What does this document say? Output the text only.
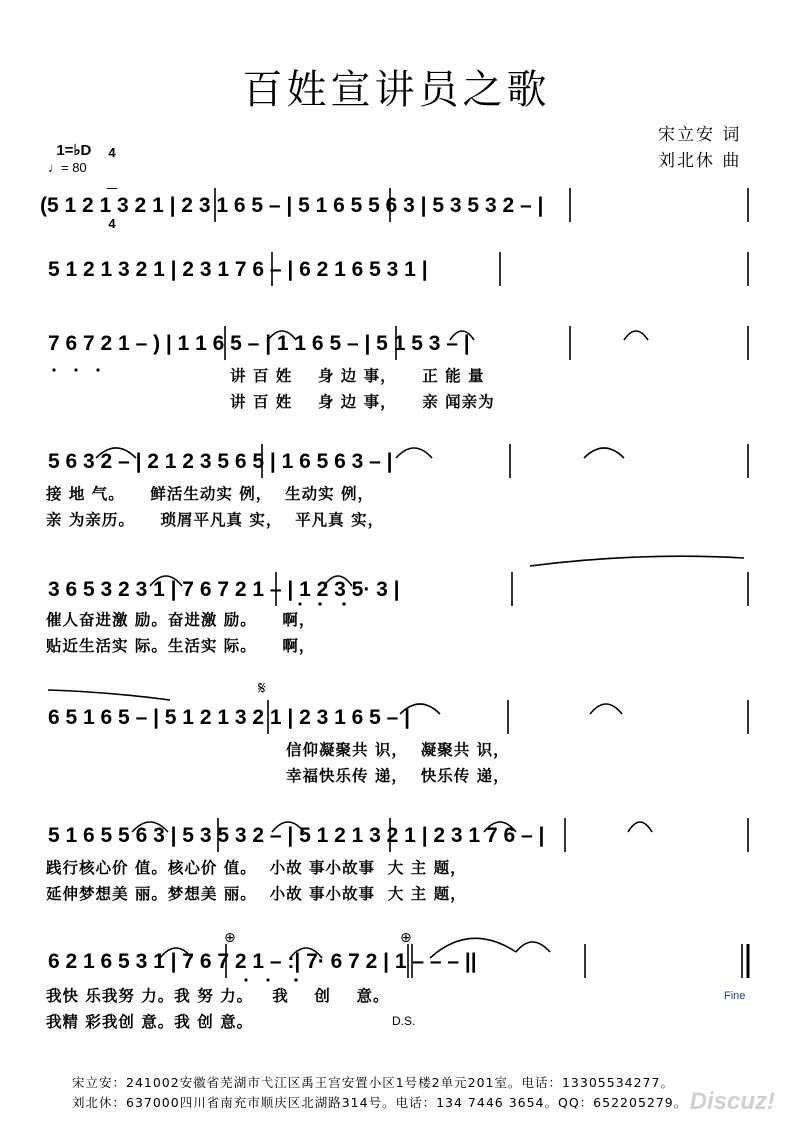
百姓宣讲员之歌

1=♭D

4

4

♩= 80
宋立安 词
刘北休 曲
(5 1 2 1 3 2 1 | 2 3 1 6 5 – | 5 1 6 5 5 6 3 | 5 3 5 3 2 – |
5 1 2 1 3 2 1 | 2 3 1 7 6 – | 6 2 1 6 5 3 1 |
7 6 7 2 1 – ) | 1 1 6 5 – | 1 1 6 5 – | 5 1 5 3 – |
讲 百 姓    身 边 事，    正 能 量
讲 百 姓    身 边 事，    亲 闻亲为
5 6 3 2 – | 2 1 2 3 5 6 5 | 1 6 5 6 3 – |
接 地 气。    鲜活生动实 例，  生动实 例，
亲 为亲历。    琐屑平凡真 实，  平凡真 实，
3 6 5 3 2 3 1 | 7 6 7 2 1 – | 1 2 3 5· 3 |
催人奋进激 励。奋进激 励。    啊，
贴近生活实 际。生活实 际。    啊，
6 5 1 6 5 – | 5 1 2 1 3 2 1 | 2 3 1 6 5 – |
信仰凝聚共 识，  凝聚共 识，
幸福快乐传 递，  快乐传 递，
𝄋
5 1 6 5 5 6 3 | 5 3 5 3 2 – | 5 1 2 1 3 2 1 | 2 3 1 7 6 – |
践行核心价 值。核心价 值。  小故 事小故事  大 主 题，
延伸梦想美 丽。梦想美 丽。  小故 事小故事  大 主 题，
6 2 1 6 5 3 1 | 7 6 7 2 1 – :| 7· 6 7 2 | 1 – – – ||
我快 乐我努 力。我 努 力。   我    创    意。
我精 彩我创 意。我 创 意。
⊕	⊕
D.S.
Fine
宋立安：241002安徽省芜湖市弋江区禹王宫安置小区1号楼2单元201室。电话：13305534277。
刘北休：637000四川省南充市顺庆区北湖路314号。电话：134 7446 3654。QQ：652205279。 Discuz!
